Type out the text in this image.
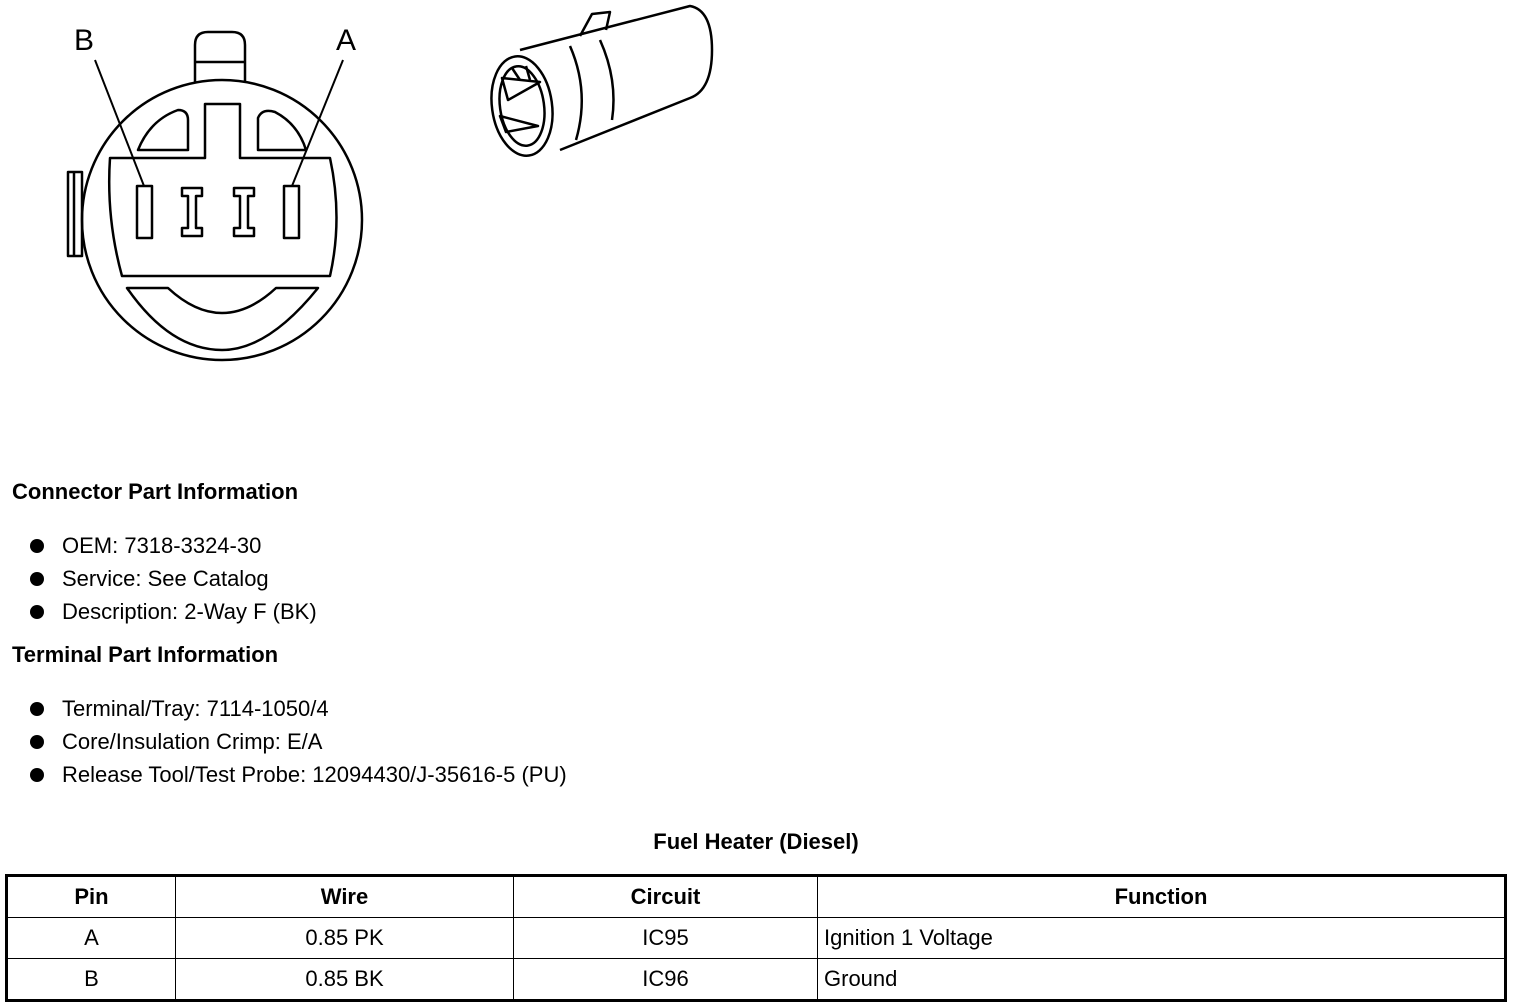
B	A
Connector Part Information
OEM: 7318-3324-30
Service: See Catalog
Description: 2-Way F (BK)
Terminal Part Information
Terminal/Tray: 7114-1050/4
Core/Insulation Crimp: E/A
Release Tool/Test Probe: 12094430/J-35616-5 (PU)
Fuel Heater (Diesel)
Pin	Wire	Circuit	Function
A	0.85 PK	IC95	Ignition 1 Voltage
B	0.85 BK	IC96	Ground
